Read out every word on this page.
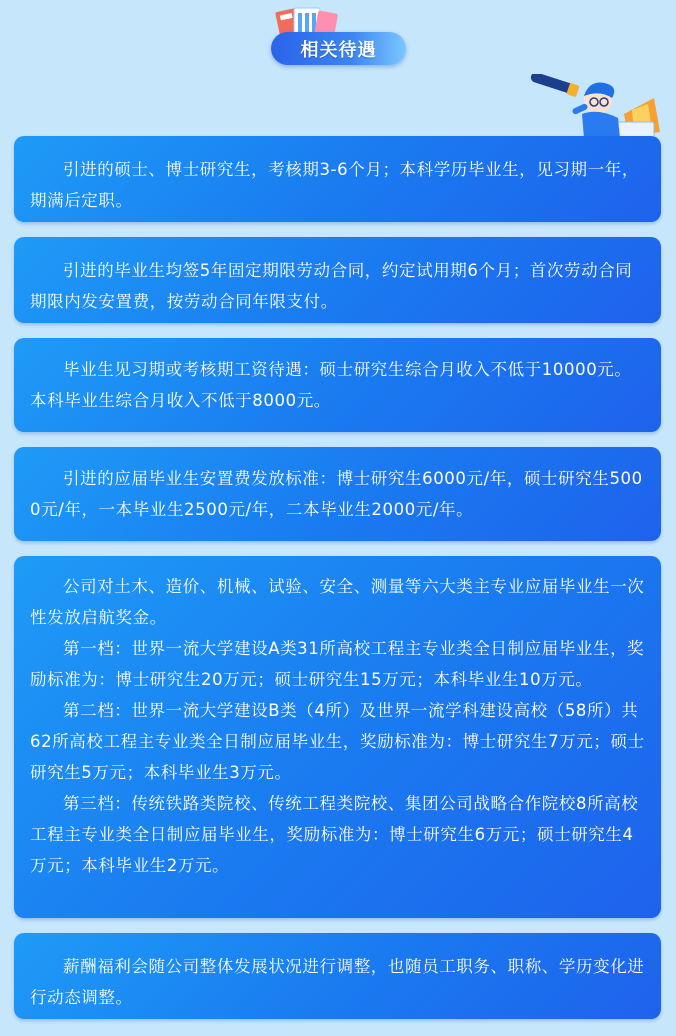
相关待遇

引进的硕士、博士研究生，考核期3-6个月；本科学历毕业生，见习期一年，期满后定职。

引进的毕业生均签5年固定期限劳动合同，约定试用期6个月；首次劳动合同期限内发安置费，按劳动合同年限支付。

毕业生见习期或考核期工资待遇：硕士研究生综合月收入不低于10000元。本科毕业生综合月收入不低于8000元。

引进的应届毕业生安置费发放标准：博士研究生6000元/年，硕士研究生5000元/年，一本毕业生2500元/年，二本毕业生2000元/年。

公司对土木、造价、机械、试验、安全、测量等六大类主专业应届毕业生一次性发放启航奖金。

第一档：世界一流大学建设A类31所高校工程主专业类全日制应届毕业生，奖励标准为：博士研究生20万元；硕士研究生15万元；本科毕业生10万元。

第二档：世界一流大学建设B类（4所）及世界一流学科建设高校（58所）共62所高校工程主专业类全日制应届毕业生，奖励标准为：博士研究生7万元；硕士研究生5万元；本科毕业生3万元。

第三档：传统铁路类院校、传统工程类院校、集团公司战略合作院校8所高校工程主专业类全日制应届毕业生，奖励标准为：博士研究生6万元；硕士研究生4万元；本科毕业生2万元。

薪酬福利会随公司整体发展状况进行调整，也随员工职务、职称、学历变化进行动态调整。
